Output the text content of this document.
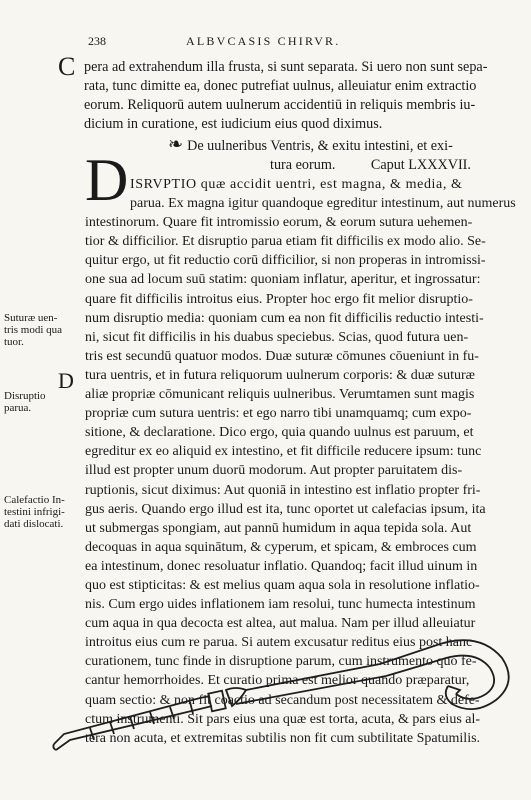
238	ALBVCASIS CHIRVR.
C pera ad extrahendum illa frusta, si sunt separata. Si uero non sunt sepa-
rata, tunc dimitte ea, donec putrefiat uulnus, alleuiatur enim extractio
eorum. Reliquorū autem uulnerum accidentiū in reliquis membris iu-
dicium in curatione, est iudicium eius quod diximus.
❧ De uulneribus Ventris, & exitu intestini, et exi-
tura eorum.          Caput LXXXVII.
D ISRVPTIO quæ accidit uentri, est magna, & media, &
parua. Ex magna igitur quandoque egreditur intestinum, aut numerus
intestinorum. Quare fit intromissio eorum, & eorum sutura uehemen-
tior & difficilior. Et disruptio parua etiam fit difficilis ex modo alio. Se-
quitur ergo, ut fit reductio corū difficilior, si non properas in intromissi-
one sua ad locum suū statim: quoniam inflatur, aperitur, et ingrossatur:
quare fit difficilis introitus eius. Propter hoc ergo fit melior disruptio-
num disruptio media: quoniam cum ea non fit difficilis reductio intesti-
ni, sicut fit difficilis in his duabus speciebus. Scias, quod futura uen-
tris est secundū quatuor modos. Duæ suturæ cōmunes cōueniunt in fu-
tura uentris, et in futura reliquorum uulnerum corporis: & duæ suturæ
aliæ propriæ cōmunicant reliquis uulneribus. Verumtamen sunt magis
propriæ cum sutura uentris: et ego narro tibi unamquamq; cum expo-
sitione, & declaratione. Dico ergo, quia quando uulnus est paruum, et
egreditur ex eo aliquid ex intestino, et fit difficile reducere ipsum: tunc
illud est propter unum duorū modorum. Aut propter paruitatem dis-
ruptionis, sicut diximus: Aut quoniā in intestino est inflatio propter fri-
gus aeris. Quando ergo illud est ita, tunc oportet ut calefacias ipsum, ita
ut submergas spongiam, aut pannū humidum in aqua tepida sola. Aut
decoquas in aqua squinātum, & cyperum, et spicam, & embroces cum
ea intestinum, donec resoluatur inflatio. Quandoq; facit illud uinum in
quo est stipticitas: & est melius quam aqua sola in resolutione inflatio-
nis. Cum ergo uides inflationem iam resolui, tunc humecta intestinum
cum aqua in qua decocta est altea, aut malua. Nam per illud alleuiatur
introitus eius cum re parua. Si autem excusatur reditus eius post hanc
curationem, tunc finde in disruptione parum, cum instrumento quo fe-
cantur hemorrhoides. Et curatio prima est melior quando præparatur,
quam sectio: & non fit coactio ad secandum post necessitatem & defe-
ctum instrumenti. Sit pars eius una quæ est torta, acuta, & pars eius al-
tera non acuta, et extremitas subtilis non fit cum subtilitate Spatumilis.
Suturæ uen-
tris modi qua
tuor.
D
Disruptio
parua.
Calefactio In-
testini infrigi-
dati dislocati.
